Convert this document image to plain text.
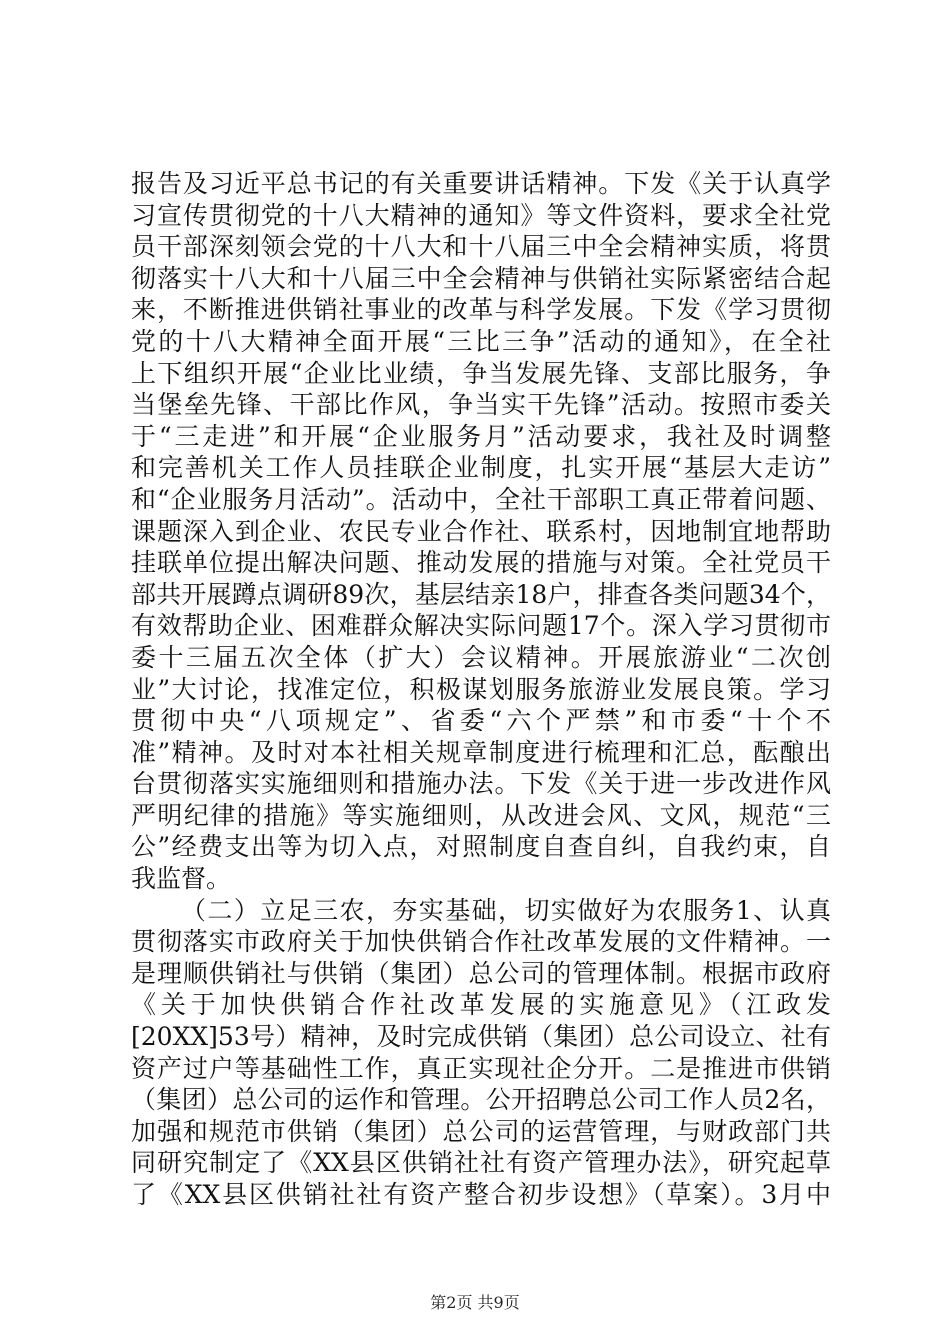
报告及习近平总书记的有关重要讲话精神。下发《关于认真学
习宣传贯彻党的十八大精神的通知》等文件资料，要求全社党
员干部深刻领会党的十八大和十八届三中全会精神实质，将贯
彻落实十八大和十八届三中全会精神与供销社实际紧密结合起
来，不断推进供销社事业的改革与科学发展。下发《学习贯彻
党的十八大精神全面开展“三比三争”活动的通知》，在全社
上下组织开展“企业比业绩，争当发展先锋、支部比服务，争
当堡垒先锋、干部比作风，争当实干先锋”活动。按照市委关
于“三走进”和开展“企业服务月”活动要求，我社及时调整
和完善机关工作人员挂联企业制度，扎实开展“基层大走访”
和“企业服务月活动”。活动中，全社干部职工真正带着问题、
课题深入到企业、农民专业合作社、联系村，因地制宜地帮助
挂联单位提出解决问题、推动发展的措施与对策。全社党员干
部共开展蹲点调研89次，基层结亲18户，排查各类问题34个，
有效帮助企业、困难群众解决实际问题17个。深入学习贯彻市
委十三届五次全体（扩大）会议精神。开展旅游业“二次创
业”大讨论，找准定位，积极谋划服务旅游业发展良策。学习
贯彻中央“八项规定”、省委“六个严禁”和市委“十个不
准”精神。及时对本社相关规章制度进行梳理和汇总，酝酿出
台贯彻落实实施细则和措施办法。下发《关于进一步改进作风
严明纪律的措施》等实施细则，从改进会风、文风，规范“三
公”经费支出等为切入点，对照制度自查自纠，自我约束，自
我监督。
（二）立足三农，夯实基础，切实做好为农服务1、认真
贯彻落实市政府关于加快供销合作社改革发展的文件精神。一
是理顺供销社与供销（集团）总公司的管理体制。根据市政府
《关于加快供销合作社改革发展的实施意见》（江政发
[20XX]53号）精神，及时完成供销（集团）总公司设立、社有
资产过户等基础性工作，真正实现社企分开。二是推进市供销
（集团）总公司的运作和管理。公开招聘总公司工作人员2名，
加强和规范市供销（集团）总公司的运营管理，与财政部门共
同研究制定了《XX县区供销社社有资产管理办法》，研究起草
了《XX县区供销社社有资产整合初步设想》（草案）。3月中
第2页 共9页
